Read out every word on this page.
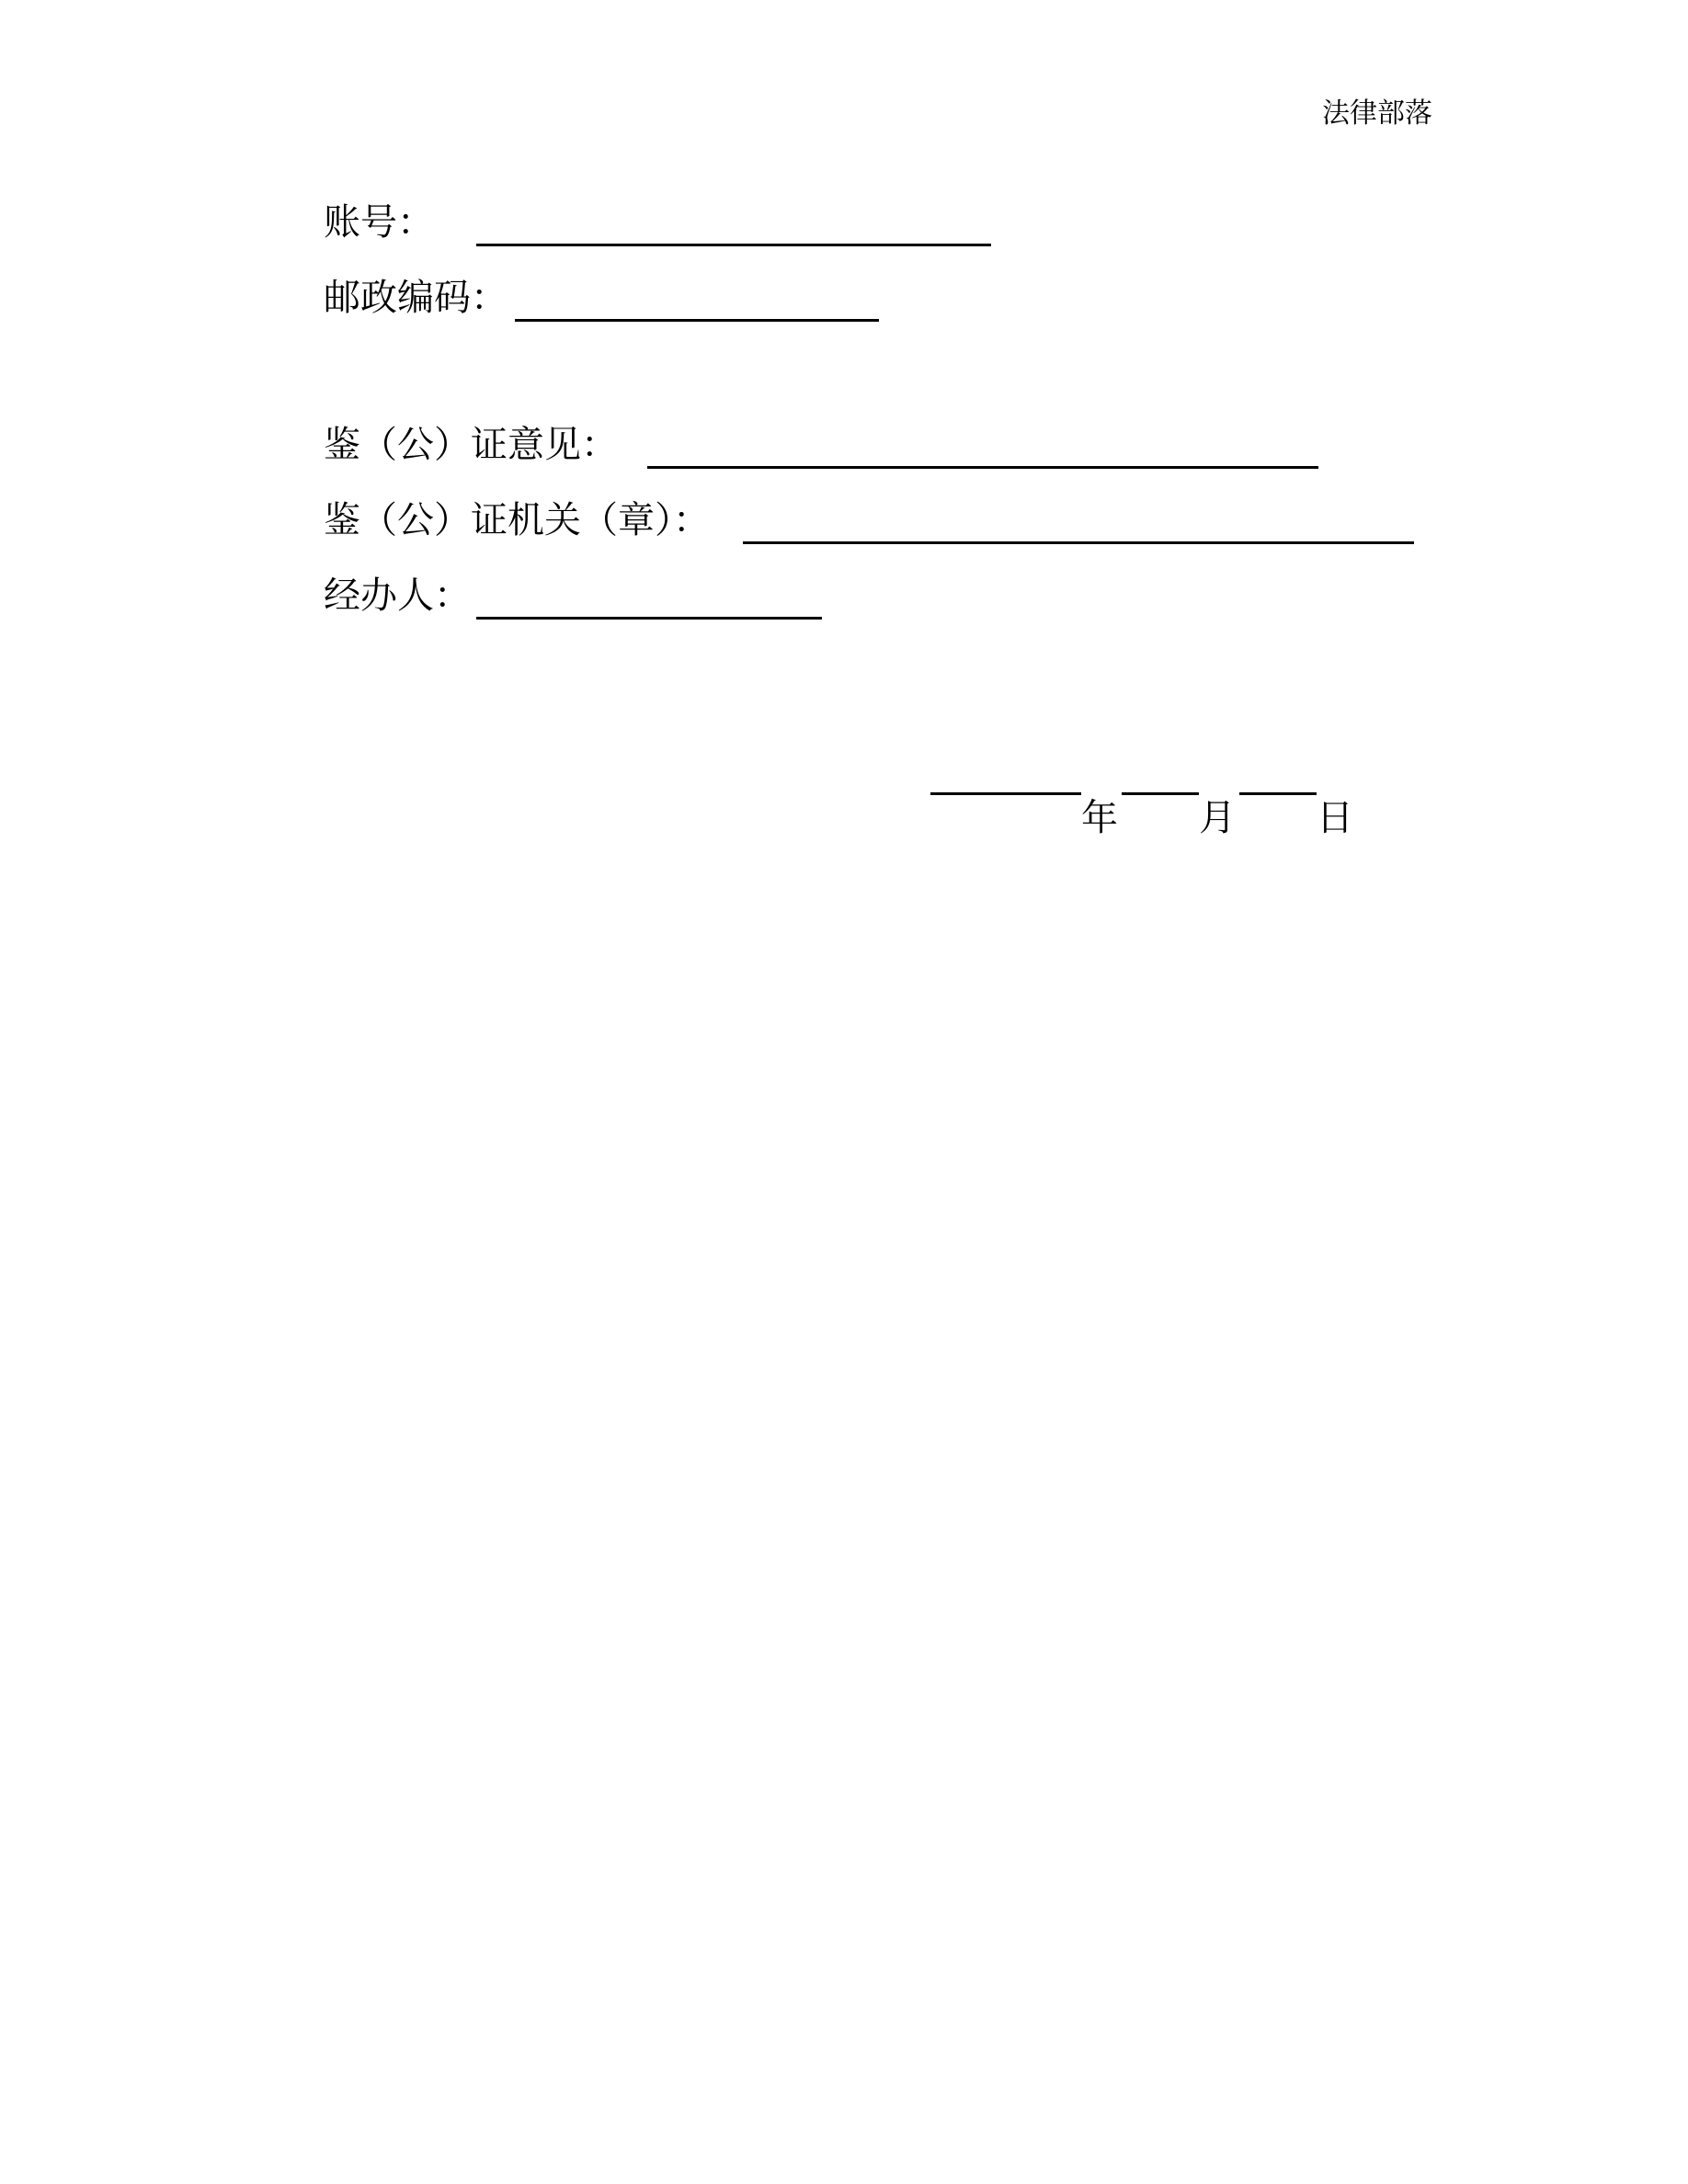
法律部落
账号：
邮政编码：
鉴（公）证意见：
鉴（公）证机关（章）：
经办人：
年 月 日
